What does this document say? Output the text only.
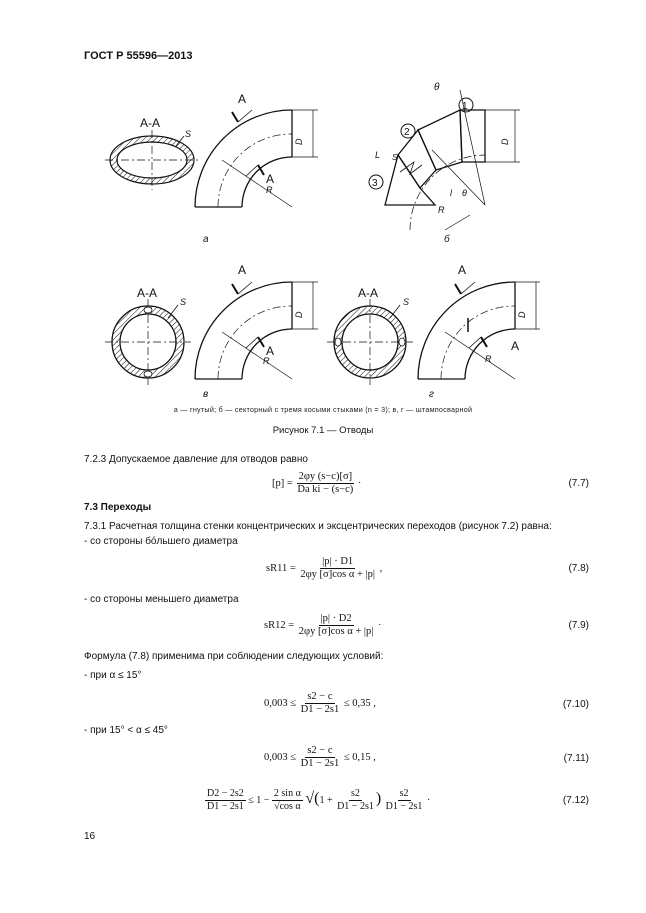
ГОСТ Р 55596—2013
А-А
S
А
А
R
D
а
θ
1
2
3
L S
l θ
R
D
б
А-А
S
А
А
R
D
в
А-А
S
А
А
R
D
г
а — гнутый; б — секторный с тремя косыми стыками (n = 3); в, г — штампосварной
Рисунок 7.1 — Отводы
7.2.3 Допускаемое давление для отводов равно
$[p] = \frac{2\varphi y (s-c)[\sigma]}{\text{Da ki − (s−c)}}$ ·	(7.7)
7.3 Переходы
7.3.1 Расчетная толщина стенки концентрических и эксцентрических переходов (рисунок 7.2) равна:
- со стороны бóльшего диаметра
$sR11 = \frac{|p| \cdot D1}{\text{2φy [σ]cos α + |p|}}$ ,	(7.8)
- со стороны меньшего диаметра
$sR12 = \frac{|p| \cdot D2}{\text{2φy [σ]cos α + |p|}}$ ·	(7.9)
Формула (7.8) применима при соблюдении следующих условий:
- при α ≤ 15°
$0,003 \le \frac{s2 - c}{D1 - 2s1} \le 0,35$ ,	(7.10)
- при 15° < α ≤ 45°
$0,003 \le \frac{s2 - c}{D1 - 2s1} \le 0,15$ ,	(7.11)
$\frac{D2 - 2s2}{D1 - 2s1} \le 1 - \frac{\text{2 sin α}}{\text{√cos α}} √(1 + \frac{s2}{D1 - 2s1}$ ) $\frac{s2}{D1 - 2s1}$ ·	(7.12)
16
